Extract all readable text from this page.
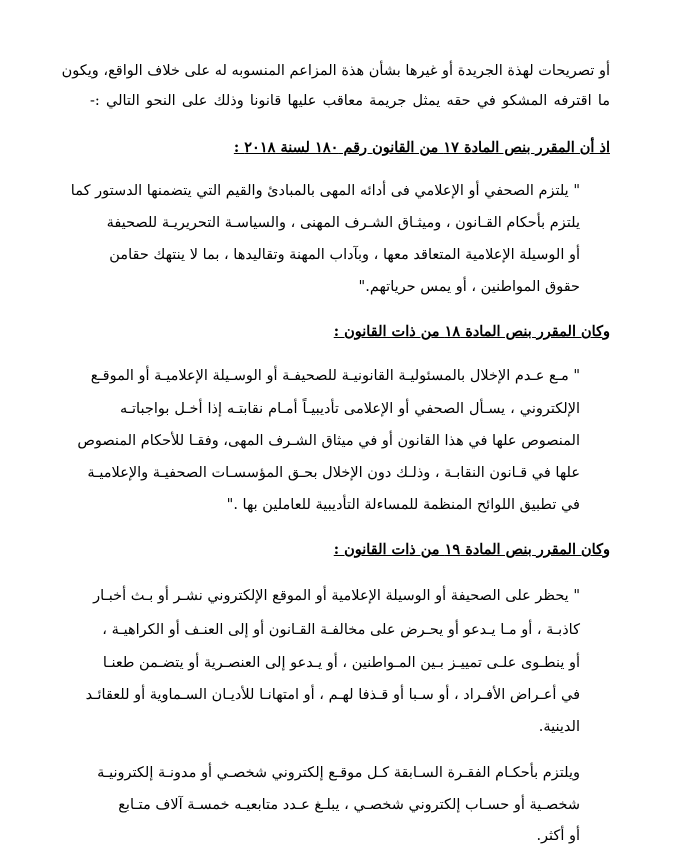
أو تصريحات لهذة الجريدة أو غيرها بشأن هذة المزاعم المنسوبه له على خلاف الواقع، ويكون
ما اقترفه المشكو في حقه يمثل جريمة معاقب عليها قانونا وذلك على النحو التالي :-
اذ أن المقرر بنص المادة ١٧ من القانون رقم ١٨٠ لسنة ٢٠١٨ :
" يلتزم الصحفي أو الإعلامي فى أدائه المهى بالمبادئ والقيم التي يتضمنها الدستور كما
يلتزم بأحكام القـانون ، وميثـاق الشـرف المهنى ، والسياسـة التحريريـة للصحيفة
أو الوسيلة الإعلامية المتعاقد معها ، وبآداب المهنة وتقاليدها ، بما لا ينتهك حقامن
حقوق المواطنين ، أو يمس حرياتهم."
وكان المقرر بنص المادة ١٨ من ذات القانون :
" مـع عـدم الإخلال بالمسئوليـة القانونيـة للصحيفـة أو الوسـيلة الإعلاميـة أو الموقـع
الإلكتروني ، يسـأل الصحفي أو الإعلامى تأديبيـاً أمـام نقابتـه إذا أخـل بواجباتـه
المنصوص علها في هذا القانون أو في ميثاق الشـرف المهى، وفقـا للأحكام المنصوص
علها في قـانون النقابـة ، وذلـك دون الإخلال بحـق المؤسسـات الصحفيـة والإعلاميـة
في تطبيق اللوائح المنظمة للمساءلة التأديبية للعاملين بها ."
وكان المقرر بنص المادة ١٩ من ذات القانون :
" يحظر على الصحيفة أو الوسيلة الإعلامية أو الموقع الإلكتروني نشـر أو بـث أخبـار
كاذبـة ، أو مـا يـدعو أو يحـرض على مخالفـة القـانون أو إلى العنـف أو الكراهيـة ،
أو ينطـوى علـى تمييـز بـين المـواطنين ، أو يـدعو إلى العنصـرية أو يتضـمن طعنـا
في أعـراض الأفـراد ، أو سـبا أو قـذفا لهـم ، أو امتهانـا للأديـان السـماوية أو للعقائـد
الدينية.
ويلتزم بأحكـام الفقـرة السـابقة كـل موقـع إلكتروني شخصـي أو مدونـة إلكترونيـة
شخصـية أو حسـاب إلكتروني شخصـي ، يبلـغ عـدد متابعيـه خمسـة آلاف متـابع
أو أكثر.
